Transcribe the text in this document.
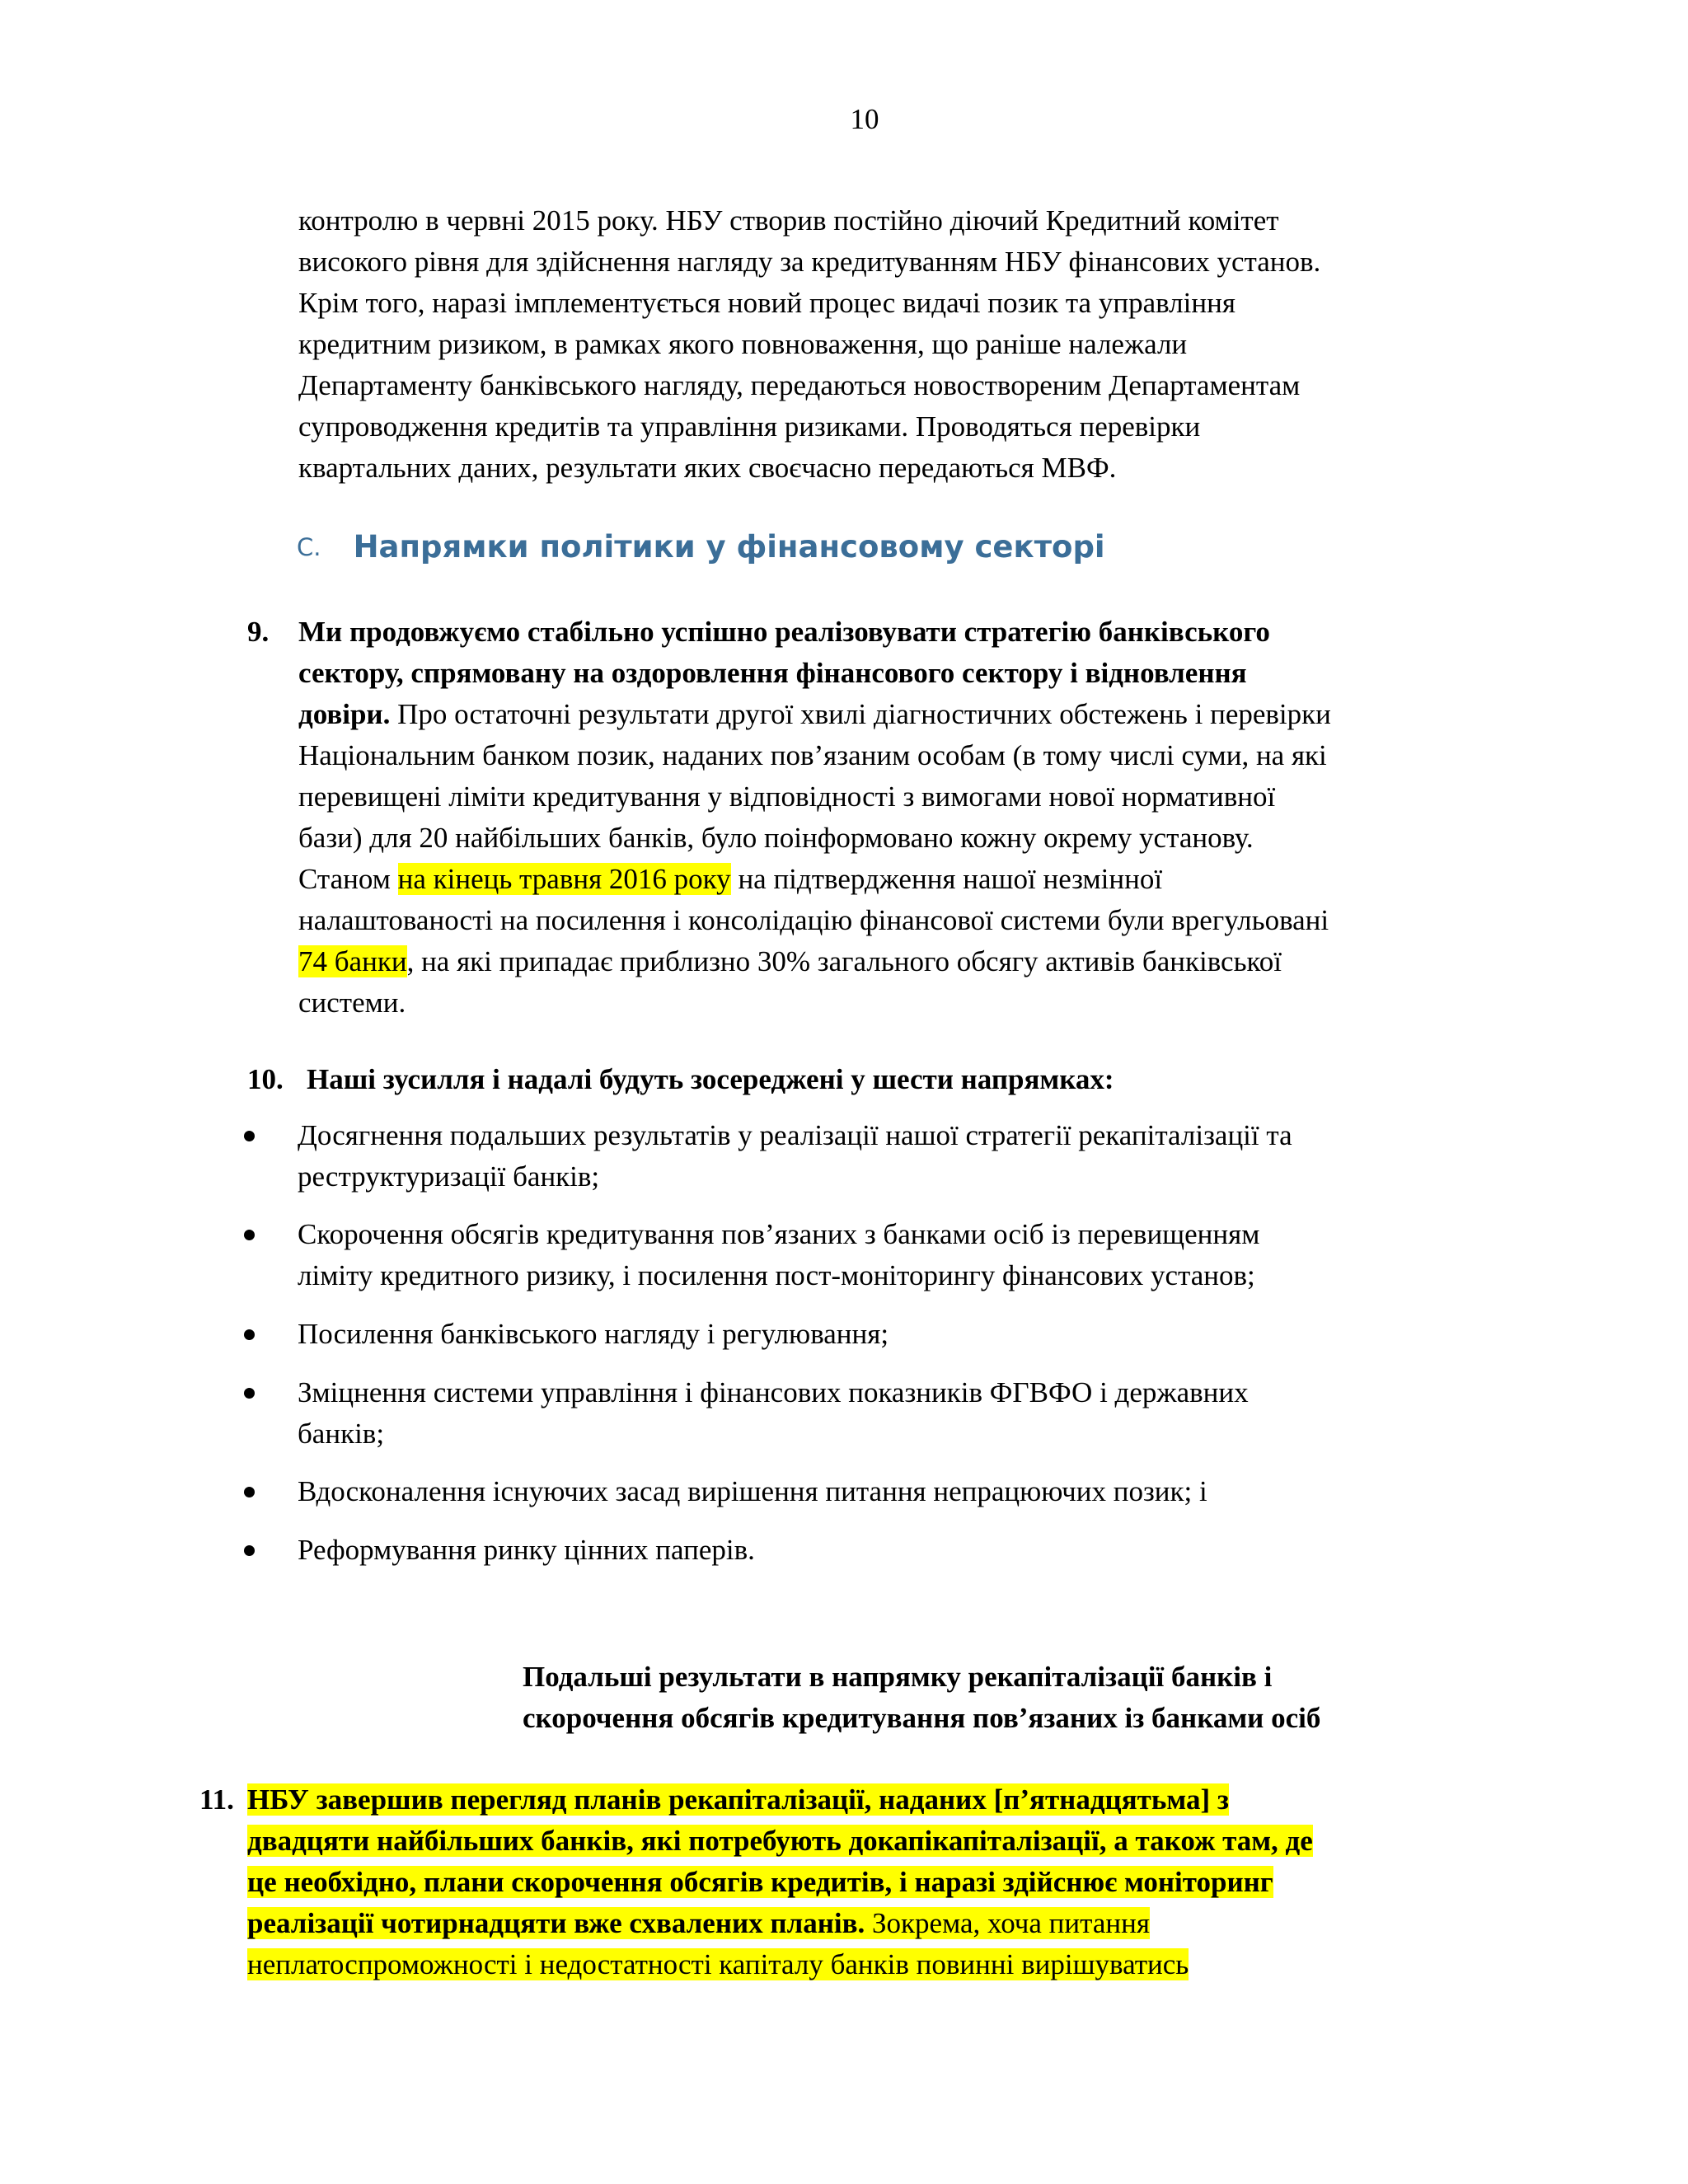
10

контролю в червні 2015 року. НБУ створив постійно діючий Кредитний комітет
високого рівня для здійснення нагляду за кредитуванням НБУ фінансових установ.
Крім того, наразі імплементується новий процес видачі позик та управління
кредитним ризиком, в рамках якого повноваження, що раніше належали
Департаменту банківського нагляду, передаються новоствореним Департаментам
супроводження кредитів та управління ризиками. Проводяться перевірки
квартальних даних, результати яких своєчасно передаються МВФ.

C. Напрямки політики у фінансовому секторі
9. Ми продовжуємо стабільно успішно реалізовувати стратегію банківського
сектору, спрямовану на оздоровлення фінансового сектору і відновлення
довіри. Про остаточні результати другої хвилі діагностичних обстежень і перевірки
Національним банком позик, наданих пов’язаним особам (в тому числі суми, на які
перевищені ліміти кредитування у відповідності з вимогами нової нормативної
бази) для 20 найбільших банків, було поінформовано кожну окрему установу.
Станом на кінець травня 2016 року на підтвердження нашої незмінної
налаштованості на посилення і консолідацію фінансової системи були врегульовані
74 банки, на які припадає приблизно 30% загального обсягу активів банківської
системи.

10. Наші зусилля і надалі будуть зосереджені у шести напрямках:
Досягнення подальших результатів у реалізації нашої стратегії рекапіталізації та
реструктуризації банків;
Скорочення обсягів кредитування пов’язаних з банками осіб із перевищенням
ліміту кредитного ризику, і посилення пост-моніторингу фінансових установ;
Посилення банківського нагляду і регулювання;
Зміцнення системи управління і фінансових показників ФГВФО і державних
банків;
Вдосконалення існуючих засад вирішення питання непрацюючих позик; і
Реформування ринку цінних паперів.

Подальші результати в напрямку рекапіталізації банків і
скорочення обсягів кредитування пов’язаних із банками осіб

11. НБУ завершив перегляд планів рекапіталізації, наданих [п’ятнадцятьма] з
двадцяти найбільших банків, які потребують докапікапіталізації, а також там, де
це необхідно, плани скорочення обсягів кредитів, і наразі здійснює моніторинг
реалізації чотирнадцяти вже схвалених планів. Зокрема, хоча питання
неплатоспроможності і недостатності капіталу банків повинні вирішуватись
